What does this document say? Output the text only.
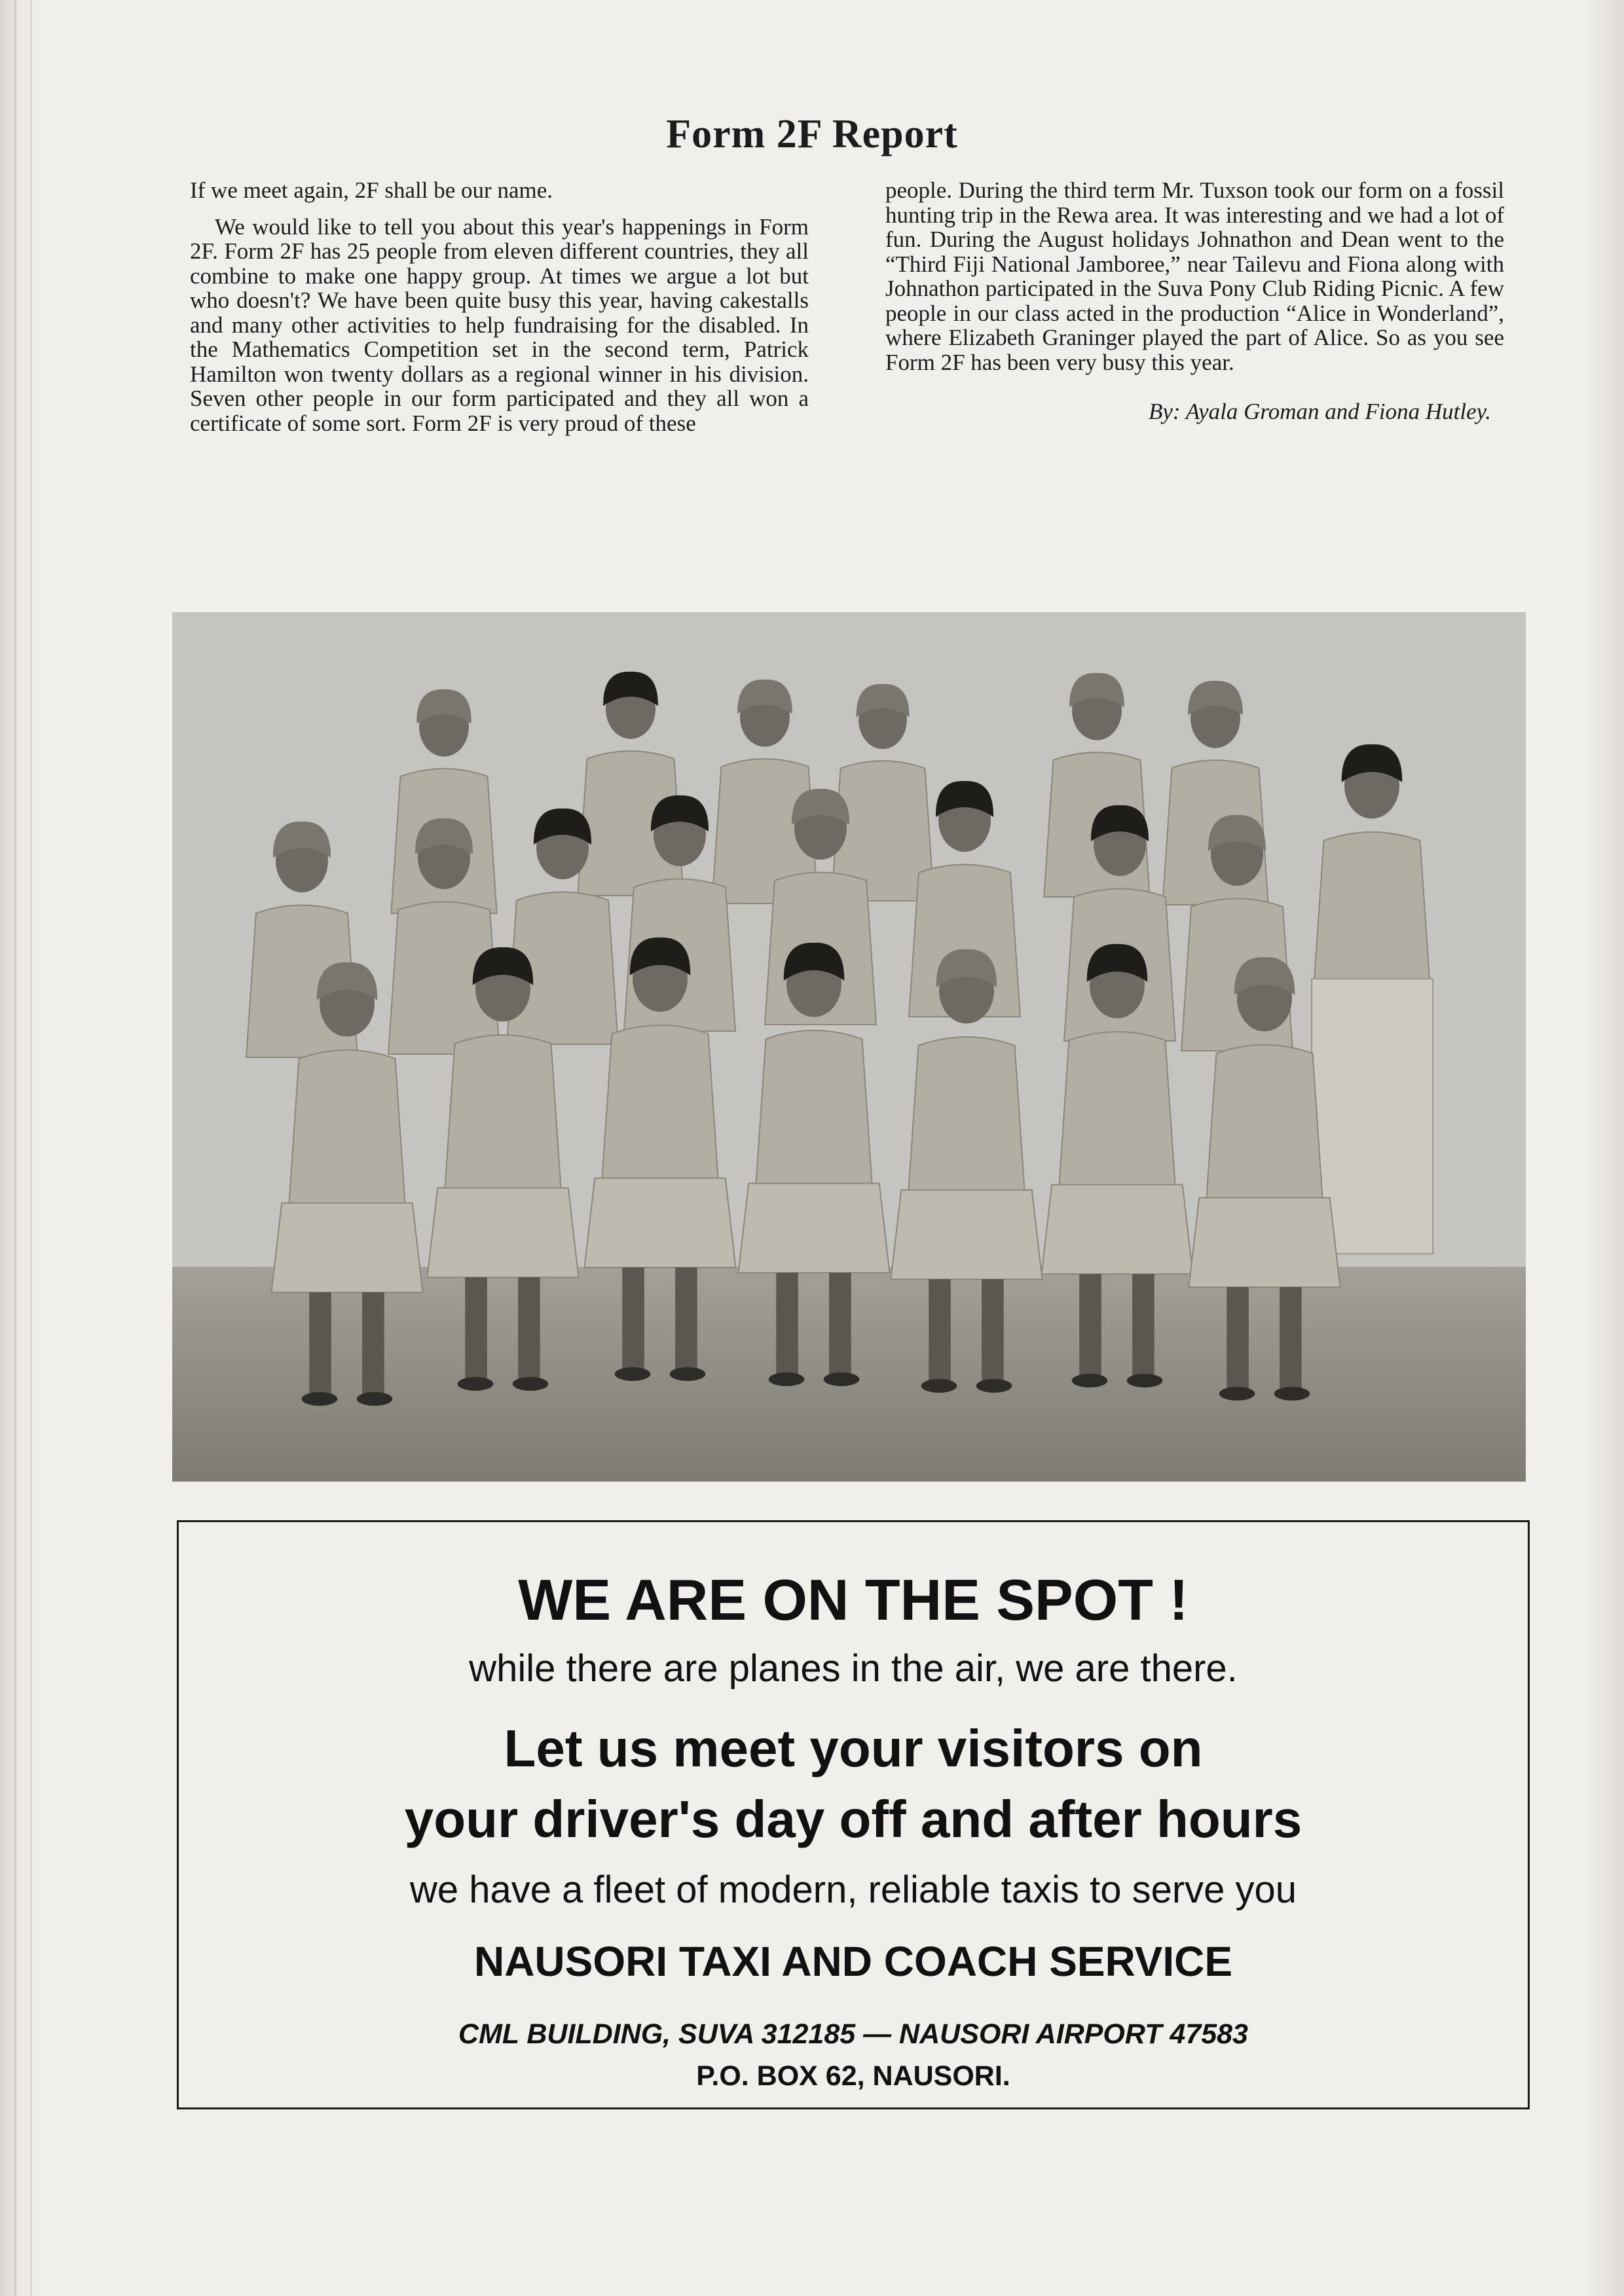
Form 2F Report

If we meet again, 2F shall be our name.

We would like to tell you about this year's happenings in Form 2F. Form 2F has 25 people from eleven different countries, they all combine to make one happy group. At times we argue a lot but who doesn't? We have been quite busy this year, having cakestalls and many other activities to help fundraising for the disabled. In the Mathematics Competition set in the second term, Patrick Hamilton won twenty dollars as a regional winner in his division. Seven other people in our form participated and they all won a certificate of some sort. Form 2F is very proud of these

people. During the third term Mr. Tuxson took our form on a fossil hunting trip in the Rewa area. It was interesting and we had a lot of fun. During the August holidays Johnathon and Dean went to the “Third Fiji National Jamboree,” near Tailevu and Fiona along with Johnathon participated in the Suva Pony Club Riding Picnic. A few people in our class acted in the production “Alice in Wonderland”, where Elizabeth Graninger played the part of Alice. So as you see Form 2F has been very busy this year.

By: Ayala Groman and Fiona Hutley.
WE ARE ON THE SPOT !
while there are planes in the air, we are there.
Let us meet your visitors on
your driver's day off and after hours
we have a fleet of modern, reliable taxis to serve you
NAUSORI TAXI AND COACH SERVICE
CML BUILDING, SUVA 312185 — NAUSORI AIRPORT 47583
P.O. BOX 62, NAUSORI.
